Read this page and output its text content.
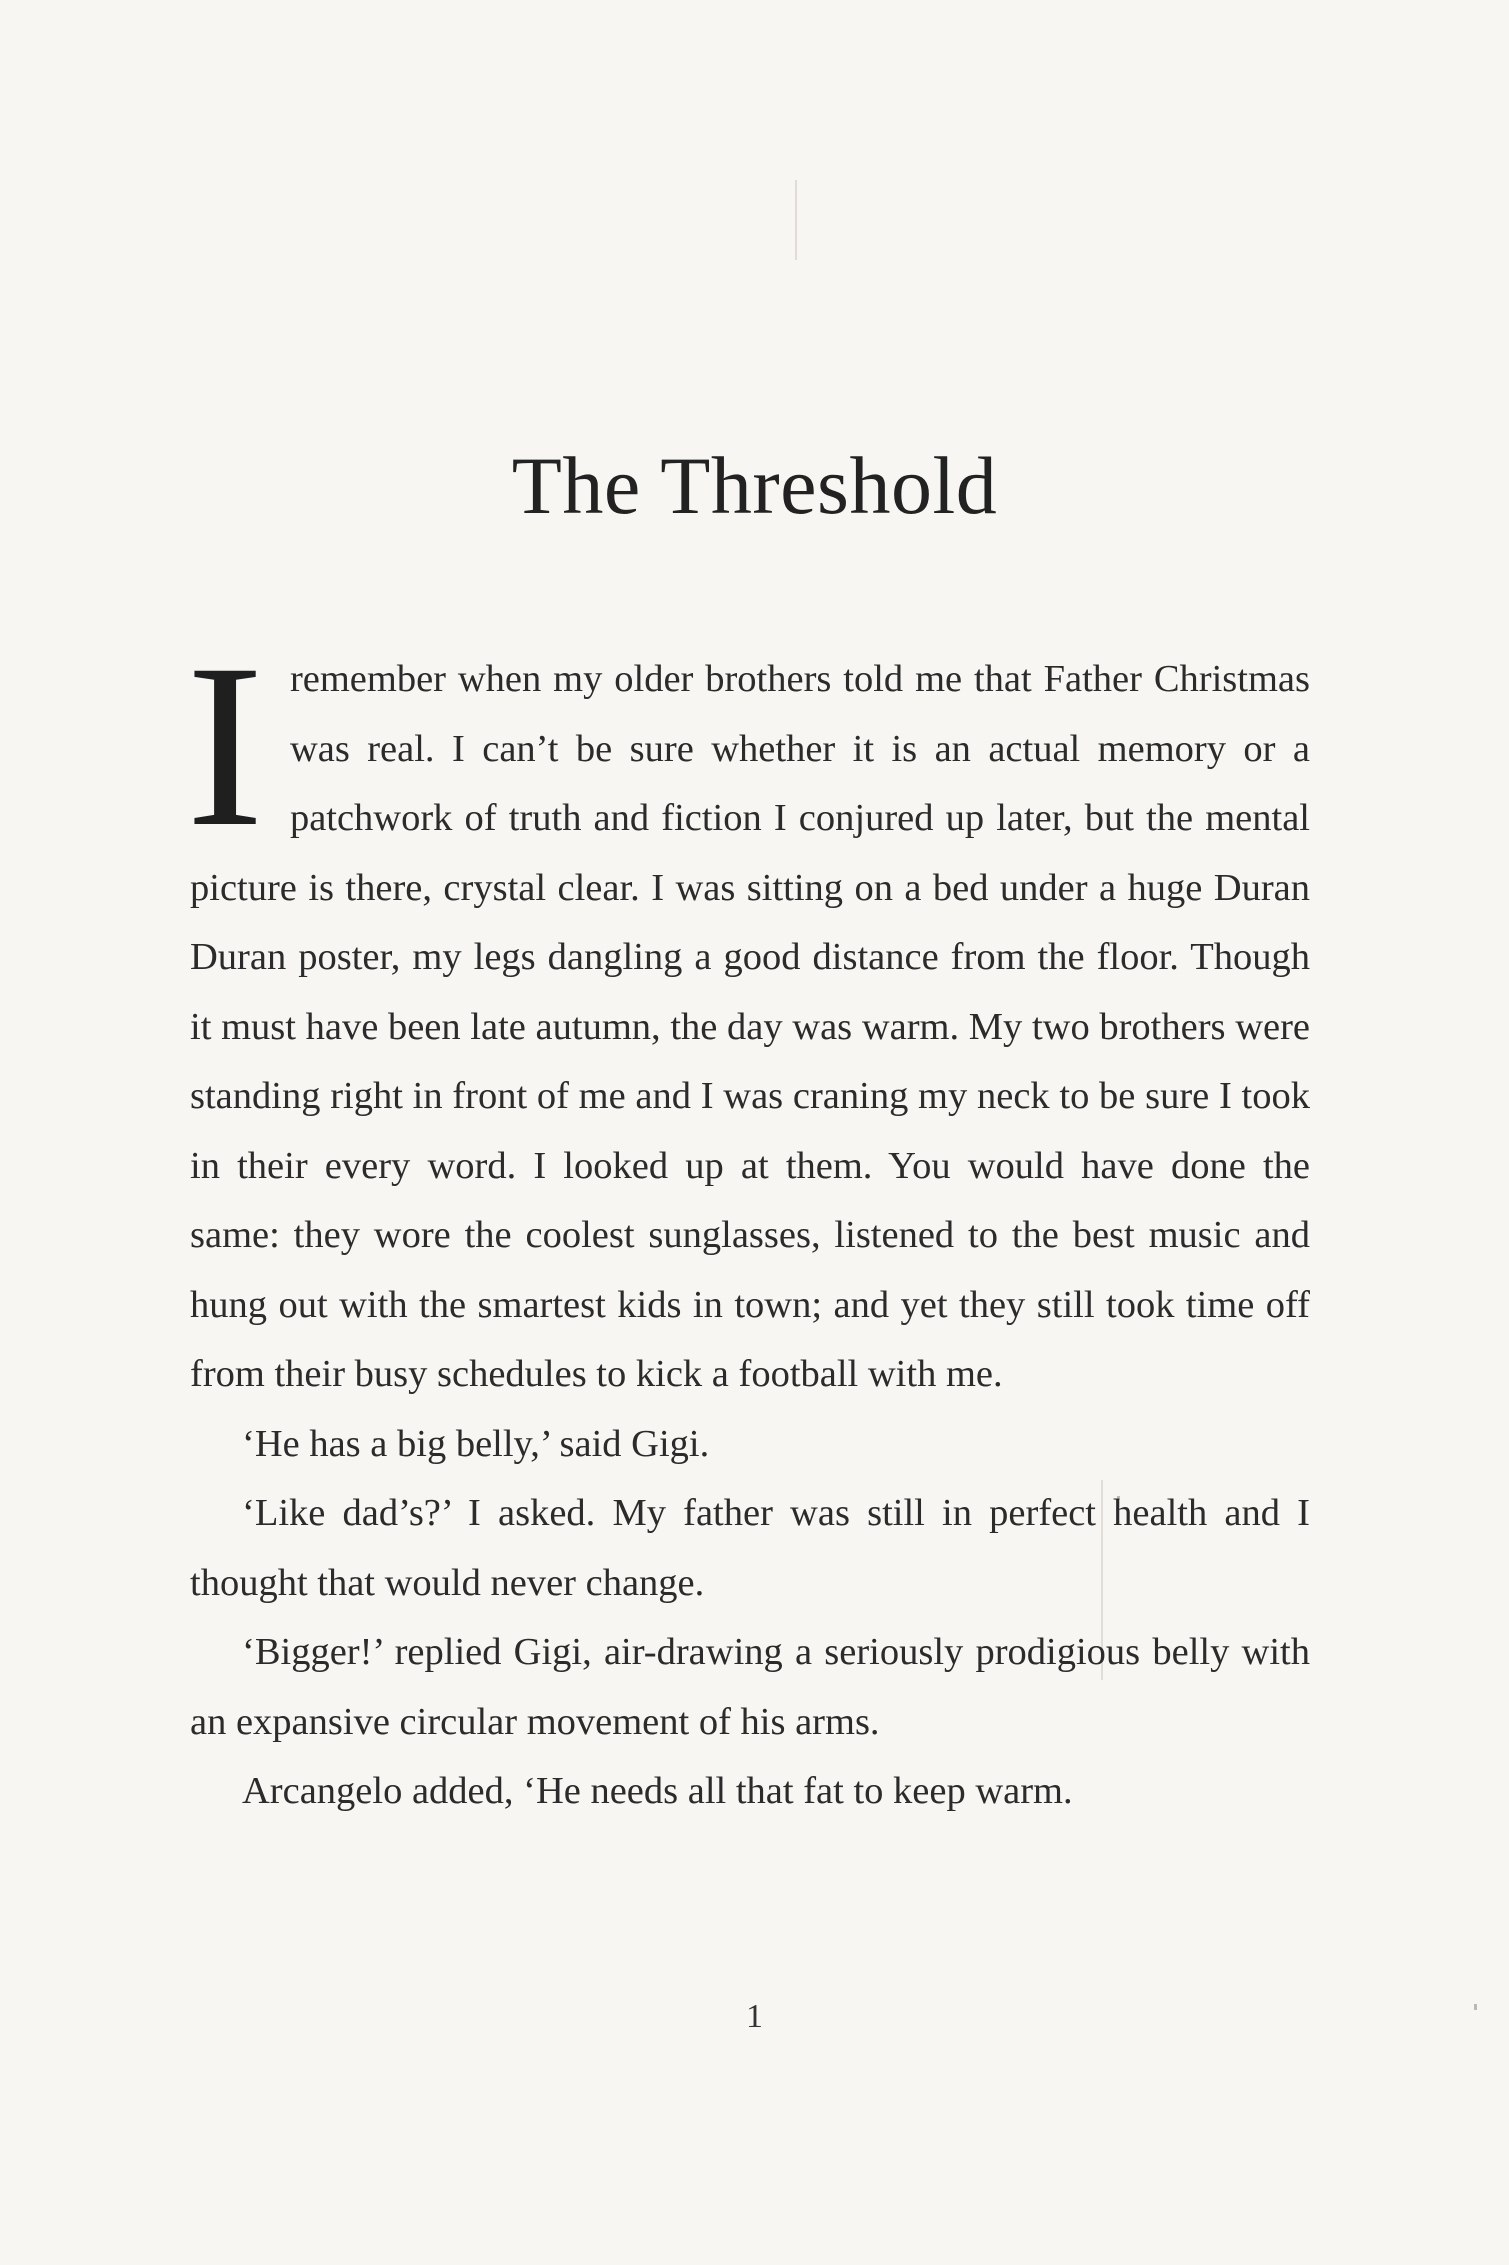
The Threshold

Iremember when my older brothers told me that Father Christmas was real. I can’t be sure whether it is an actual memory or a patchwork of truth and fiction I conjured up later, but the mental picture is there, crystal clear. I was sitting on a bed under a huge Duran Duran poster, my legs dangling a good distance from the floor. Though it must have been late autumn, the day was warm. My two brothers were standing right in front of me and I was craning my neck to be sure I took in their every word. I looked up at them. You would have done the same: they wore the coolest sunglasses, listened to the best music and hung out with the smartest kids in town; and yet they still took time off from their busy schedules to kick a football with me.

‘He has a big belly,’ said Gigi.

‘Like dad’s?’ I asked. My father was still in perfect health and I thought that would never change.

‘Bigger!’ replied Gigi, air-drawing a seriously prodigious belly with an expansive circular movement of his arms.

Arcangelo added, ‘He needs all that fat to keep warm.

1
